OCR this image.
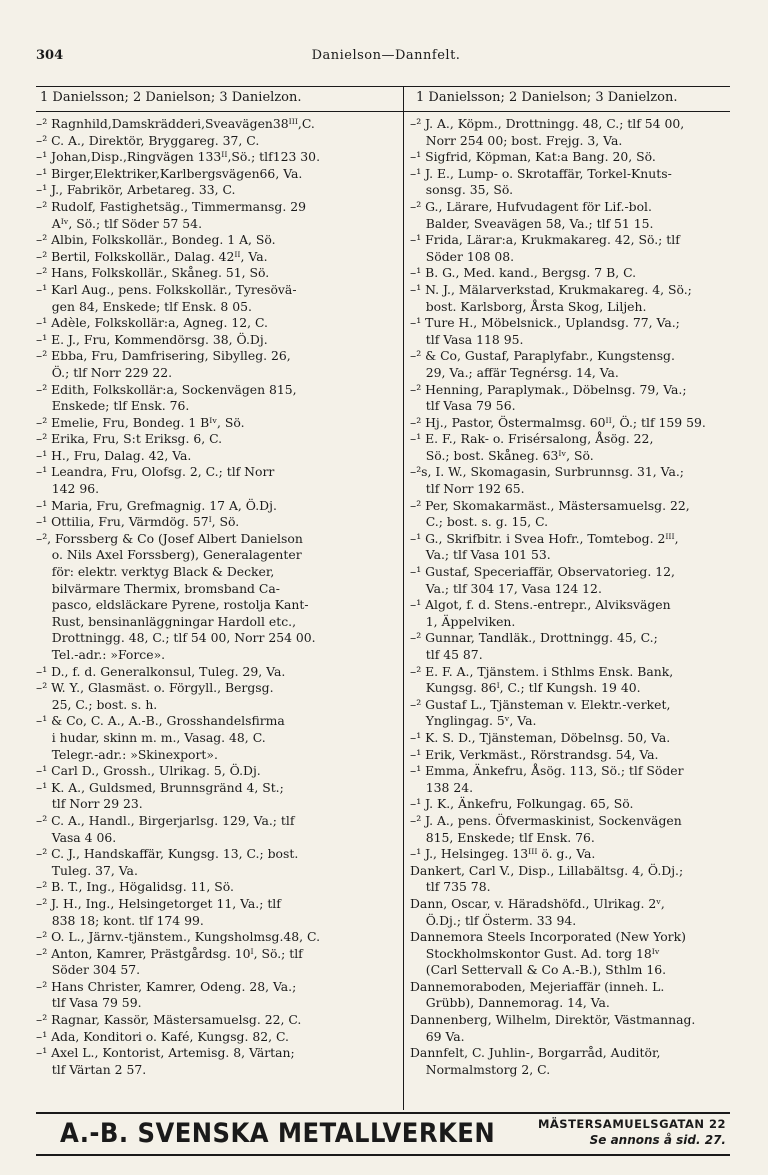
304	Danielson—Dannfelt.
1 Danielsson; 2 Danielson; 3 Danielzon.	1 Danielsson; 2 Danielson; 3 Danielzon.
–² Ragnhild,Damskrädderi,Sveavägen38ᴵᴵᴵ,C.
–² C. A., Direktör, Bryggareg. 37, C.
–¹ Johan,Disp.,Ringvägen 133ᴵᴵ,Sö.; tlf123 30.
–¹ Birger,Elektriker,Karlbergsvägen66, Va.
–¹ J., Fabrikör, Arbetareg. 33, C.
–² Rudolf, Fastighetsäg., Timmermansg. 29
Aᴵᵛ, Sö.; tlf Söder 57 54.
–² Albin, Folkskollär., Bondeg. 1 A, Sö.
–² Bertil, Folkskollär., Dalag. 42ᴵᴵ, Va.
–² Hans, Folkskollär., Skåneg. 51, Sö.
–¹ Karl Aug., pens. Folkskollär., Tyresövä-
gen 84, Enskede; tlf Ensk. 8 05.
–¹ Adèle, Folkskollär:a, Agneg. 12, C.
–¹ E. J., Fru, Kommendörsg. 38, Ö.Dj.
–² Ebba, Fru, Damfrisering, Sibylleg. 26,
Ö.; tlf Norr 229 22.
–² Edith, Folkskollär:a, Sockenvägen 815,
Enskede; tlf Ensk. 76.
–² Emelie, Fru, Bondeg. 1 Bᴵᵛ, Sö.
–² Erika, Fru, S:t Eriksg. 6, C.
–¹ H., Fru, Dalag. 42, Va.
–¹ Leandra, Fru, Olofsg. 2, C.; tlf Norr
142 96.
–¹ Maria, Fru, Grefmagnig. 17 A, Ö.Dj.
–¹ Ottilia, Fru, Värmdög. 57ᴵ, Sö.
–², Forssberg & Co (Josef Albert Danielson
o. Nils Axel Forssberg), Generalagenter
för: elektr. verktyg Black & Decker,
bilvärmare Thermix, bromsband Ca-
pasco, eldsläckare Pyrene, rostolja Kant-
Rust, bensinanläggningar Hardoll etc.,
Drottningg. 48, C.; tlf 54 00, Norr 254 00.
Tel.-adr.: »Force».
–¹ D., f. d. Generalkonsul, Tuleg. 29, Va.
–² W. Y., Glasmäst. o. Förgyll., Bergsg.
25, C.; bost. s. h.
–¹ & Co, C. A., A.-B., Grosshandelsfirma
i hudar, skinn m. m., Vasag. 48, C.
Telegr.-adr.: »Skinexport».
–¹ Carl D., Grossh., Ulrikag. 5, Ö.Dj.
–¹ K. A., Guldsmed, Brunnsgränd 4, St.;
tlf Norr 29 23.
–² C. A., Handl., Birgerjarlsg. 129, Va.; tlf
Vasa 4 06.
–² C. J., Handskaffär, Kungsg. 13, C.; bost.
Tuleg. 37, Va.
–² B. T., Ing., Högalidsg. 11, Sö.
–² J. H., Ing., Helsingetorget 11, Va.; tlf
838 18; kont. tlf 174 99.
–² O. L., Järnv.-tjänstem., Kungsholmsg.48, C.
–² Anton, Kamrer, Prästgårdsg. 10ᴵ, Sö.; tlf
Söder 304 57.
–² Hans Christer, Kamrer, Odeng. 28, Va.;
tlf Vasa 79 59.
–² Ragnar, Kassör, Mästersamuelsg. 22, C.
–¹ Ada, Konditori o. Kafé, Kungsg. 82, C.
–¹ Axel L., Kontorist, Artemisg. 8, Värtan;
tlf Värtan 2 57.
–² J. A., Köpm., Drottningg. 48, C.; tlf 54 00,
Norr 254 00; bost. Frejg. 3, Va.
–¹ Sigfrid, Köpman, Kat:a Bang. 20, Sö.
–¹ J. E., Lump- o. Skrotaffär, Torkel-Knuts-
sonsg. 35, Sö.
–² G., Lärare, Hufvudagent för Lif.-bol.
Balder, Sveavägen 58, Va.; tlf 51 15.
–¹ Frida, Lärar:a, Krukmakareg. 42, Sö.; tlf
Söder 108 08.
–¹ B. G., Med. kand., Bergsg. 7 B, C.
–¹ N. J., Mälarverkstad, Krukmakareg. 4, Sö.;
bost. Karlsborg, Årsta Skog, Liljeh.
–¹ Ture H., Möbelsnick., Uplandsg. 77, Va.;
tlf Vasa 118 95.
–² & Co, Gustaf, Paraplyfabr., Kungstensg.
29, Va.; affär Tegnérsg. 14, Va.
–² Henning, Paraplymak., Döbelnsg. 79, Va.;
tlf Vasa 79 56.
–² Hj., Pastor, Östermalmsg. 60ᴵᴵ, Ö.; tlf 159 59.
–¹ E. F., Rak- o. Frisérsalong, Åsög. 22,
Sö.; bost. Skåneg. 63ᴵᵛ, Sö.
–²s, I. W., Skomagasin, Surbrunnsg. 31, Va.;
tlf Norr 192 65.
–² Per, Skomakarmäst., Mästersamuelsg. 22,
C.; bost. s. g. 15, C.
–¹ G., Skrifbitr. i Svea Hofr., Tomtebog. 2ᴵᴵᴵ,
Va.; tlf Vasa 101 53.
–¹ Gustaf, Speceriaffär, Observatorieg. 12,
Va.; tlf 304 17, Vasa 124 12.
–¹ Algot, f. d. Stens.-entrepr., Alviksvägen
1, Äppelviken.
–² Gunnar, Tandläk., Drottningg. 45, C.;
tlf 45 87.
–² E. F. A., Tjänstem. i Sthlms Ensk. Bank,
Kungsg. 86ᴵ, C.; tlf Kungsh. 19 40.
–² Gustaf L., Tjänsteman v. Elektr.-verket,
Ynglingag. 5ᵛ, Va.
–¹ K. S. D., Tjänsteman, Döbelnsg. 50, Va.
–¹ Erik, Verkmäst., Rörstrandsg. 54, Va.
–¹ Emma, Änkefru, Åsög. 113, Sö.; tlf Söder
138 24.
–¹ J. K., Änkefru, Folkungag. 65, Sö.
–² J. A., pens. Öfvermaskinist, Sockenvägen
815, Enskede; tlf Ensk. 76.
–¹ J., Helsingeg. 13ᴵᴵᴵ ö. g., Va.
Dankert, Carl V., Disp., Lillabältsg. 4, Ö.Dj.;
tlf 735 78.
Dann, Oscar, v. Häradshöfd., Ulrikag. 2ᵛ,
Ö.Dj.; tlf Österm. 33 94.
Dannemora Steels Incorporated (New York)
Stockholmskontor Gust. Ad. torg 18ᴵᵛ
(Carl Settervall & Co A.-B.), Sthlm 16.
Dannemoraboden, Mejeriaffär (inneh. L.
Grübb), Dannemorag. 14, Va.
Dannenberg, Wilhelm, Direktör, Västmannag.
69 Va.
Dannfelt, C. Juhlin-, Borgarråd, Auditör,
Normalmstorg 2, C.
A.-B. SVENSKA METALLVERKEN	MÄSTERSAMUELSGATAN 22
Se annons å sid. 27.
